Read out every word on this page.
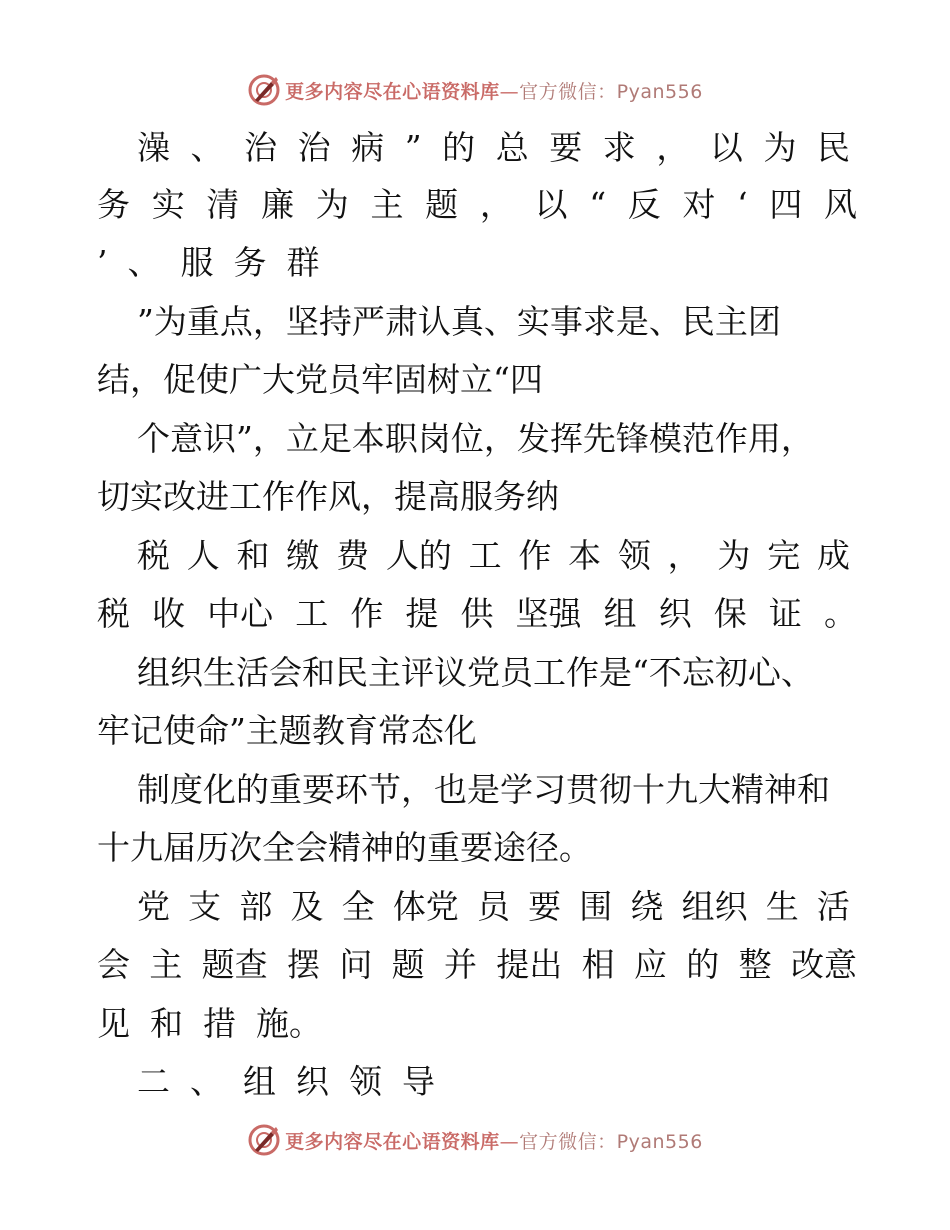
更多内容尽在心语资料库—官方微信：Pyan556
澡 、 治 治 病 ” 的 总 要 求 ， 以 为 民
务 实 清 廉 为 主 题 ， 以 “ 反 对 ‘ 四 风
’ 、 服 务 群
”为重点，坚持严肃认真、实事求是、民主团
结，促使广大党员牢固树立“四
个意识”，立足本职岗位，发挥先锋模范作用，
切实改进工作作风，提高服务纳
税 人 和 缴 费 人的 工 作 本 领 ， 为 完 成
税 收 中心 工 作 提 供 坚强 组 织 保 证 。
组织生活会和民主评议党员工作是“不忘初心、
牢记使命”主题教育常态化
制度化的重要环节，也是学习贯彻十九大精神和
十九届历次全会精神的重要途径。
党 支 部 及 全 体党 员 要 围 绕 组织 生 活
会 主 题查 摆 问 题 并 提出 相 应 的 整 改意
见 和 措 施。
二 、 组 织 领 导
更多内容尽在心语资料库—官方微信：Pyan556
